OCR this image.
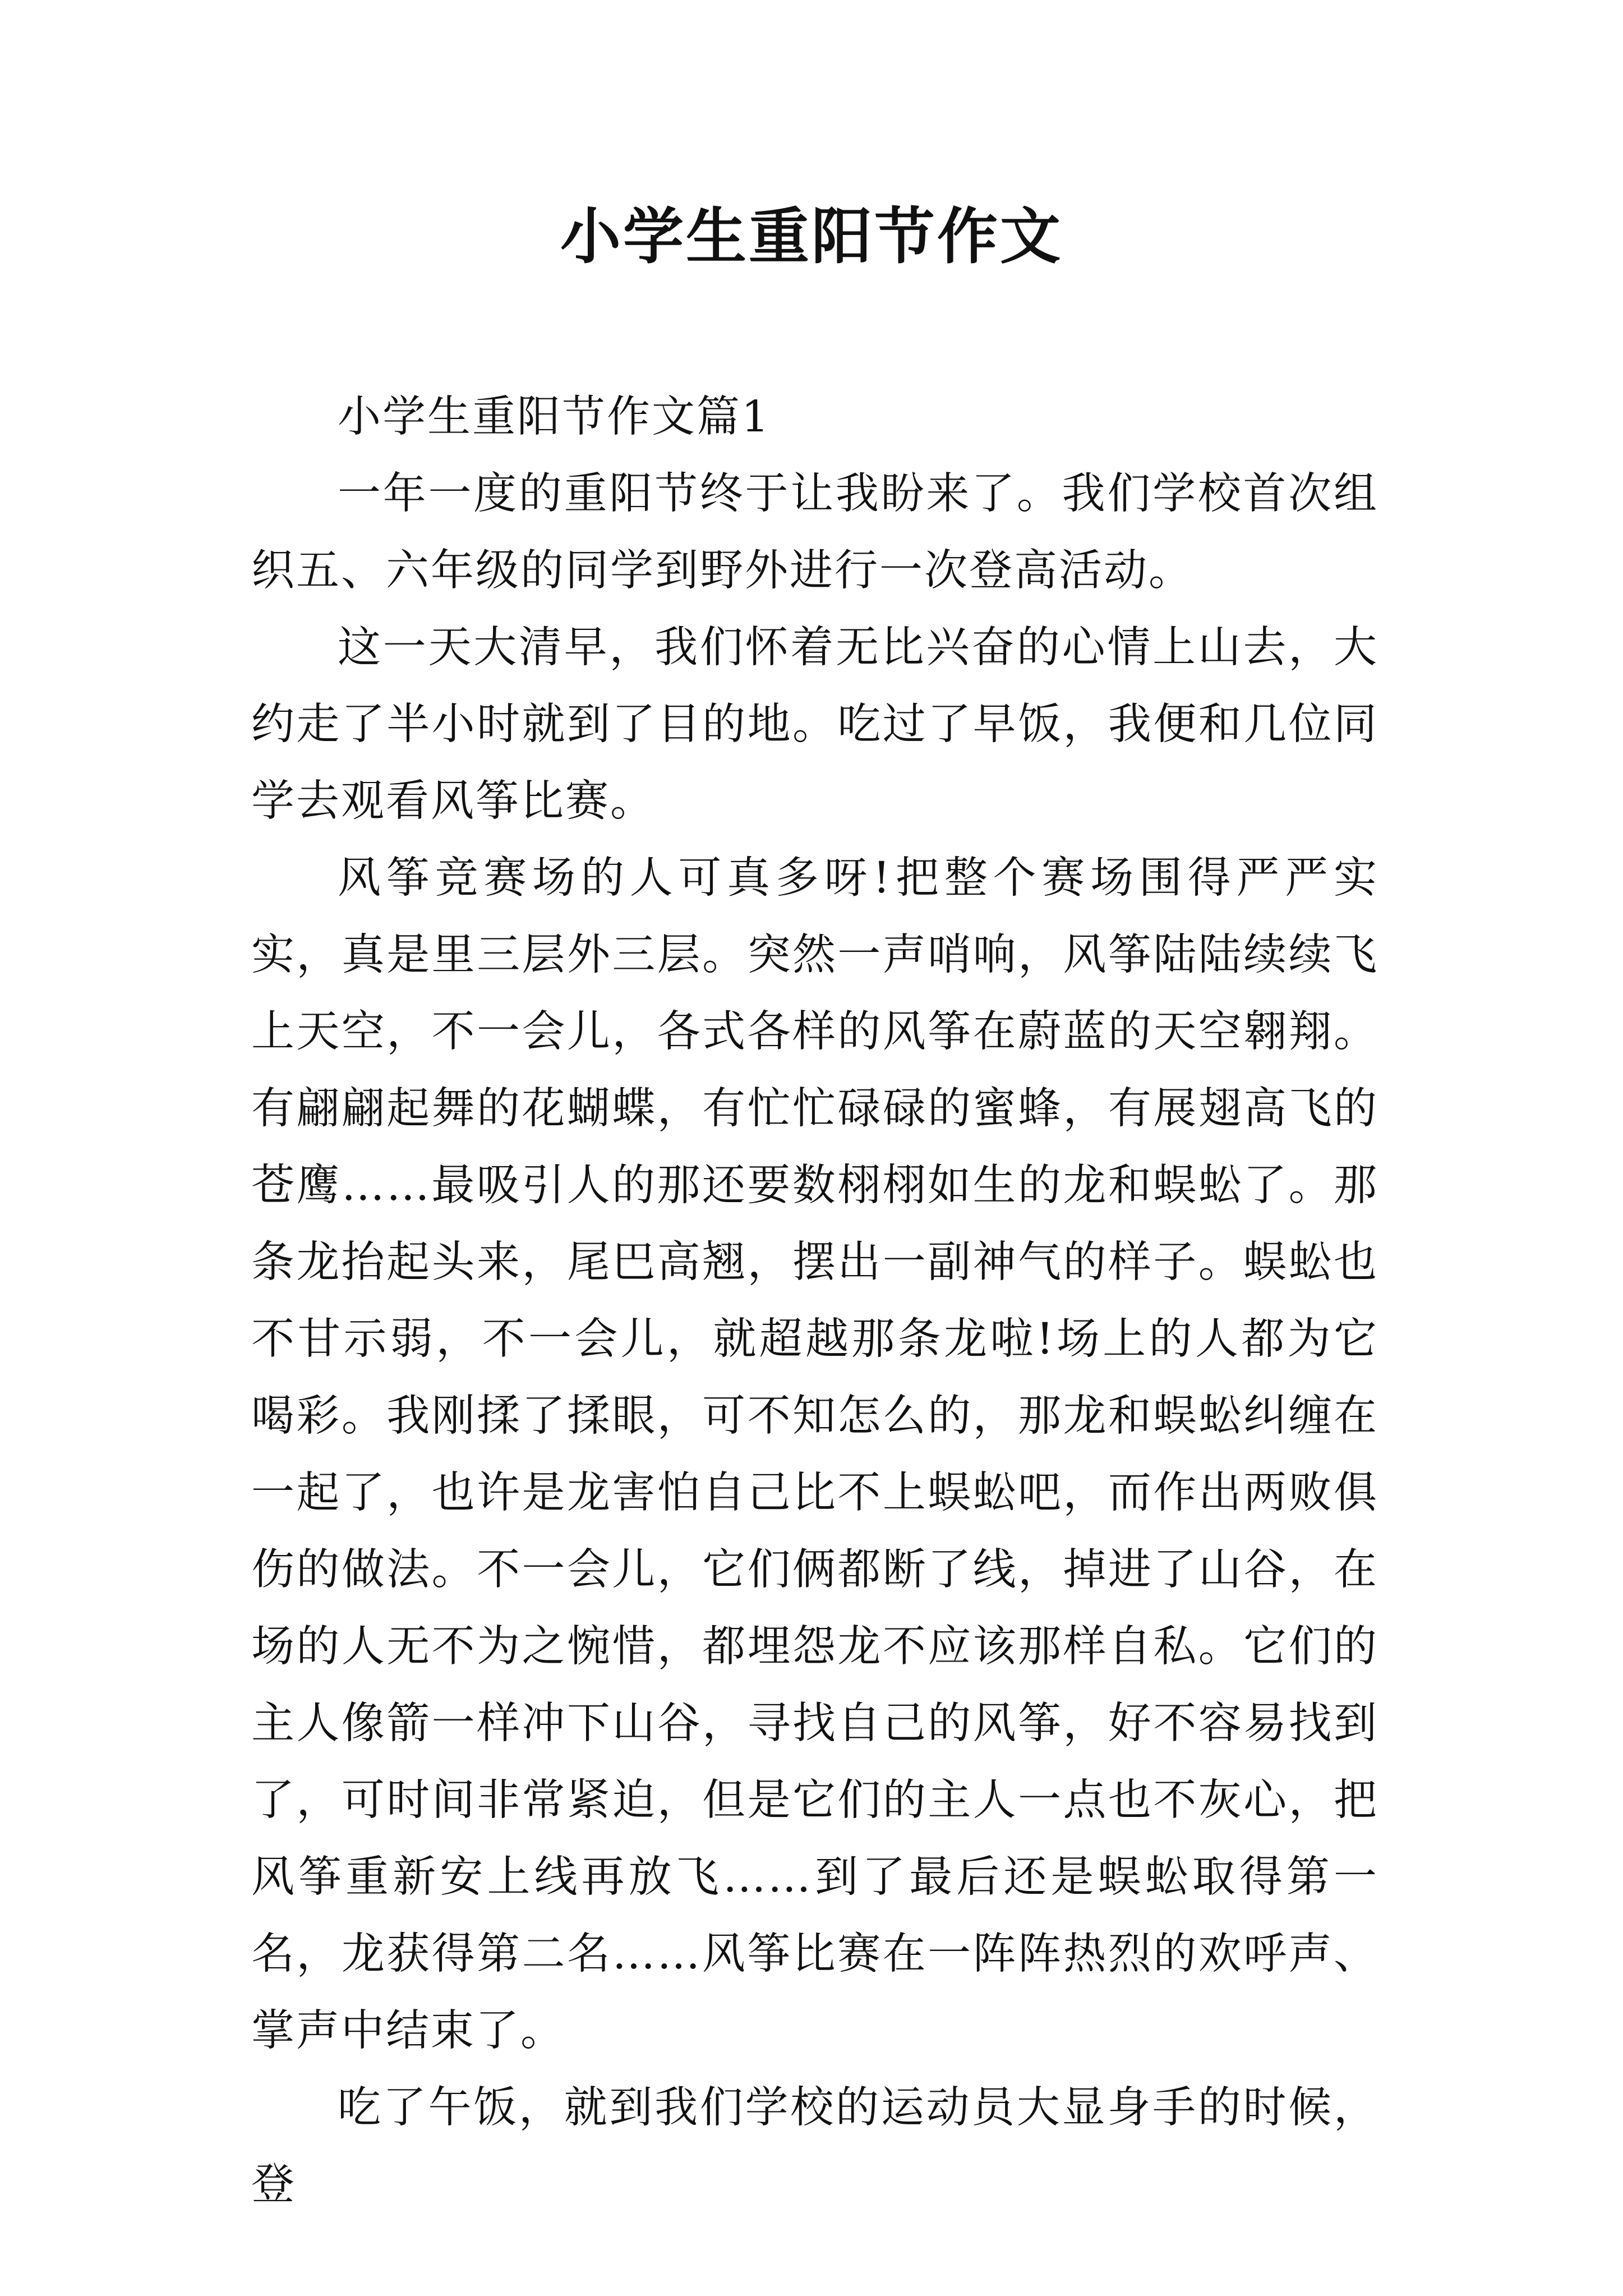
小学生重阳节作文

小学生重阳节作文篇1

一年一度的重阳节终于让我盼来了。我们学校首次组织五、六年级的同学到野外进行一次登高活动。

这一天大清早，我们怀着无比兴奋的心情上山去，大约走了半小时就到了目的地。吃过了早饭，我便和几位同学去观看风筝比赛。

风筝竞赛场的人可真多呀!把整个赛场围得严严实实，真是里三层外三层。突然一声哨响，风筝陆陆续续飞上天空，不一会儿，各式各样的风筝在蔚蓝的天空翱翔。有翩翩起舞的花蝴蝶，有忙忙碌碌的蜜蜂，有展翅高飞的苍鹰……最吸引人的那还要数栩栩如生的龙和蜈蚣了。那条龙抬起头来，尾巴高翘，摆出一副神气的样子。蜈蚣也不甘示弱，不一会儿，就超越那条龙啦!场上的人都为它喝彩。我刚揉了揉眼，可不知怎么的，那龙和蜈蚣纠缠在一起了，也许是龙害怕自己比不上蜈蚣吧，而作出两败俱伤的做法。不一会儿，它们俩都断了线，掉进了山谷，在场的人无不为之惋惜，都埋怨龙不应该那样自私。它们的主人像箭一样冲下山谷，寻找自己的风筝，好不容易找到了，可时间非常紧迫，但是它们的主人一点也不灰心，把风筝重新安上线再放飞……到了最后还是蜈蚣取得第一名，龙获得第二名……风筝比赛在一阵阵热烈的欢呼声、掌声中结束了。

吃了午饭，就到我们学校的运动员大显身手的时候，登
